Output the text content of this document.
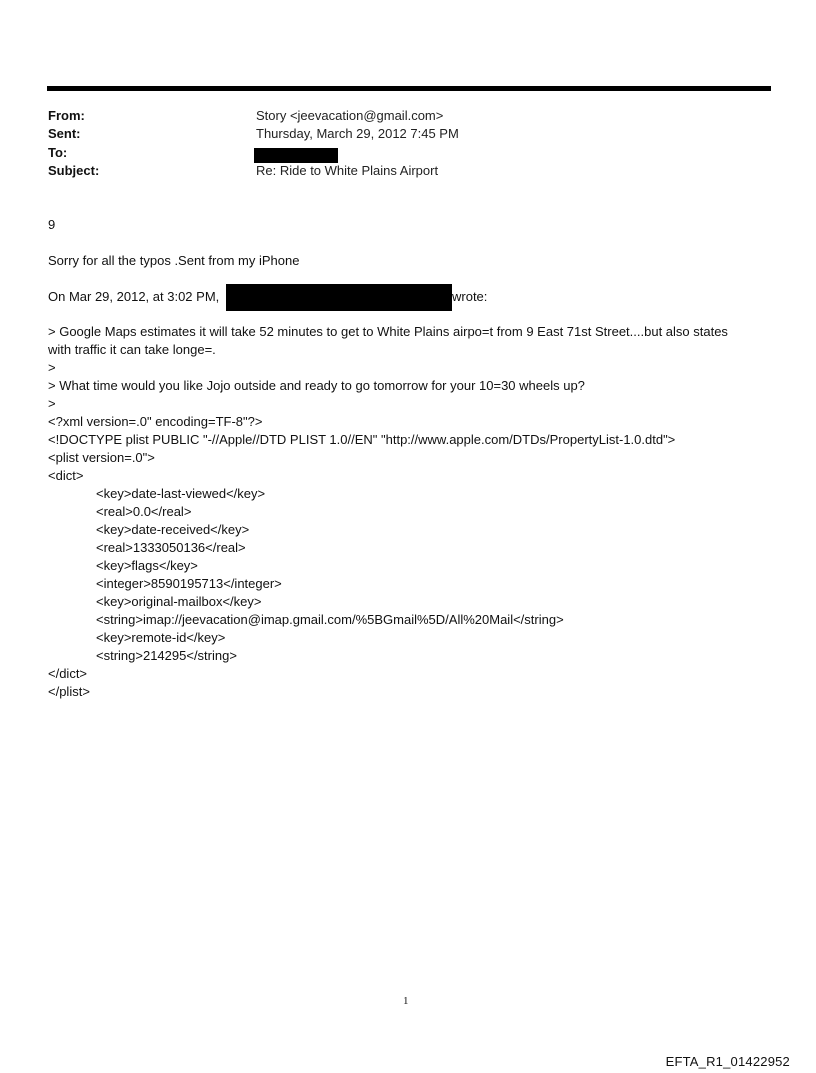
From:	Story <jeevacation@gmail.com>
Sent:	Thursday, March 29, 2012 7:45 PM
To:
Subject:	Re: Ride to White Plains Airport
9
Sorry for all the typos .Sent from my iPhone
On Mar 29, 2012, at 3:02 PM,	wrote:
> Google Maps estimates it will take 52 minutes to get to White Plains airpo=t from 9 East 71st Street....but also states
with traffic it can take longe=.
>
> What time would you like Jojo outside and ready to go tomorrow for your 10=30 wheels up?
>
<?xml version=.0" encoding=TF-8"?>
<!DOCTYPE plist PUBLIC "-//Apple//DTD PLIST 1.0//EN" "http://www.apple.com/DTDs/PropertyList-1.0.dtd">
<plist version=.0">
<dict>
<key>date-last-viewed</key>
<real>0.0</real>
<key>date-received</key>
<real>1333050136</real>
<key>flags</key>
<integer>8590195713</integer>
<key>original-mailbox</key>
<string>imap://jeevacation@imap.gmail.com/%5BGmail%5D/All%20Mail</string>
<key>remote-id</key>
<string>214295</string>
</dict>
</plist>
1
EFTA_R1_01422952
